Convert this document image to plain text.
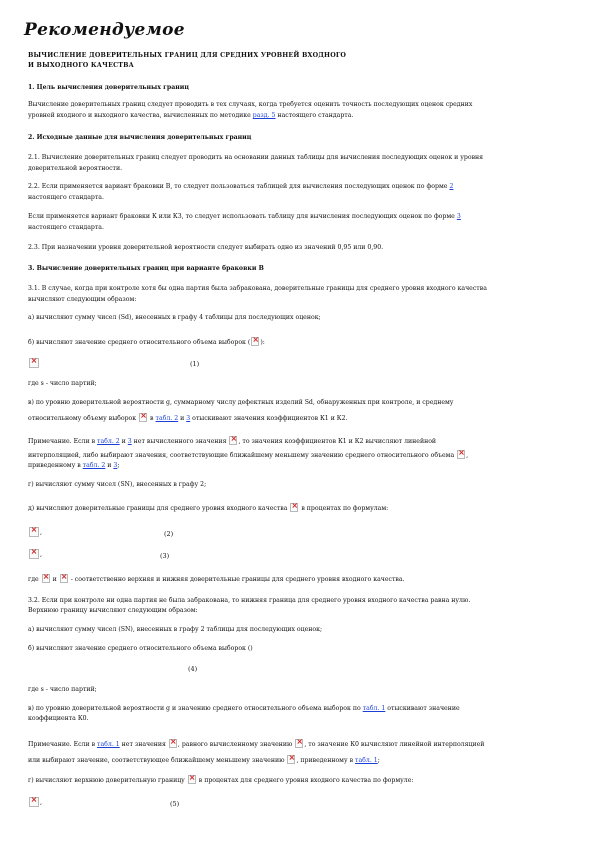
Рекомендуемое
ВЫЧИСЛЕНИЕ ДОВЕРИТЕЛЬНЫХ ГРАНИЦ ДЛЯ СРЕДНИХ УРОВНЕЙ ВХОДНОГО
И ВЫХОДНОГО КАЧЕСТВА
1. Цель вычисления доверительных границ
Вычисление доверительных границ следует проводить в тех случаях, когда требуется оценить точность последующих оценок средних
уровней входного и выходного качества, вычисленных по методике разд. 5 настоящего стандарта.
2. Исходные данные для вычисления доверительных границ
2.1. Вычисление доверительных границ следует проводить на основании данных таблицы для вычисления последующих оценок и уровня
доверительной вероятности.
2.2. Если применяется вариант браковки В, то следует пользоваться таблицей для вычисления последующих оценок по форме 2
настоящего стандарта.
Если применяется вариант браковки К или К3, то следует использовать таблицу для вычисления последующих оценок по форме 3
настоящего стандарта.
2.3. При назначении уровня доверительной вероятности следует выбирать одно из значений 0,95 или 0,90.
3. Вычисление доверительных границ при варианте браковки В
3.1. В случае, когда при контроле хотя бы одна партия была забракована, доверительные границы для среднего уровня входного качества
вычисляют следующим образом:
а) вычисляют сумму чисел (Sd), внесенных в графу 4 таблицы для последующих оценок;
б) вычисляют значение среднего относительного объема выборок (× ):
×
(1)
где s - число партий;
в) по уровню доверительной вероятности g, суммарному числу дефектных изделий Sd, обнаруженных при контроле, и среднему
относительному объему выборок × в табл. 2 и 3 отыскивают значения коэффициентов К1 и К2.
Примечание. Если в табл. 2 и 3 нет вычисленного значения ×, то значения коэффициентов К1 и К2 вычисляют линейной
интерполяцией, либо выбирают значения, соответствующие ближайшему меньшему значению среднего относительного объема ×,
приведенному в табл. 2 и 3;
г) вычисляют сумму чисел (SN), внесенных в графу 2;
д) вычисляют доверительные границы для среднего уровня входного качества × в процентах по формулам:
×,	(2)
×,	(3)
где × и × - соответственно верхняя и нижняя доверительные границы для среднего уровня входного качества.
3.2. Если при контроле ни одна партия не была забракована, то нижняя граница для среднего уровня входного качества равна нулю.
Верхнюю границу вычисляют следующим образом:
а) вычисляют сумму чисел (SN), внесенных в графу 2 таблицы для последующих оценок;
б) вычисляют значение среднего относительного объема выборок ()
(4)
где s - число партий;
в) по уровню доверительной вероятности g и значению среднего относительного объема выборок по табл. 1 отыскивают значение
коэффициента К0.
Примечание. Если в табл. 1 нет значения ×, равного вычисленному значению ×, то значение К0 вычисляют линейной интерполяцией
или выбирают значение, соответствующее ближайшему меньшему значению ×, приведенному в табл. 1;
г) вычисляют верхнюю доверительную границу × в процентах для среднего уровня входного качества по формуле:
×,	(5)
